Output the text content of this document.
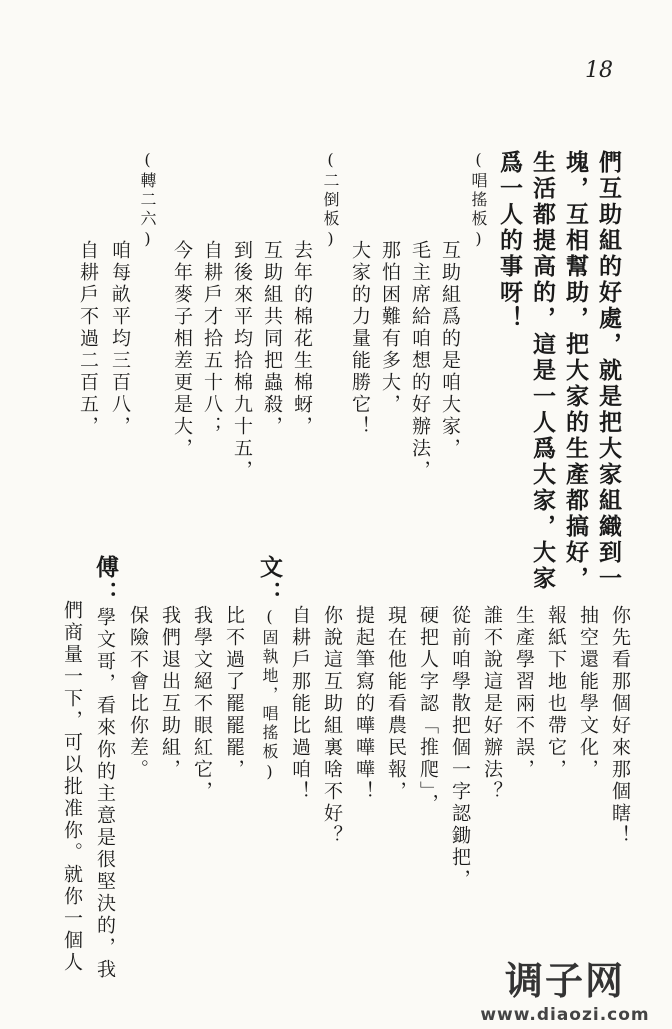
18
們互助組的好處，就是把大家組織到一
塊，互相幫助，把大家的生產都搞好，
生活都提高的，這是一人爲大家，大家
爲一人的事呀！
(唱搖板)
互助組爲的是咱大家，
毛主席給咱想的好辦法，
那怕困難有多大，
大家的力量能勝它！
(二倒板)
去年的棉花生棉蚜，
互助組共同把蟲殺，
到後來平均拾棉九十五，
自耕戶才拾五十八；
今年麥子相差更是大，
(轉二六)
咱每畝平均三百八，
自耕戶不過二百五，
你先看那個好來那個瞎！
抽空還能學文化，
報紙下地也帶它，
生產學習兩不誤，
誰不說這是好辦法？
從前咱學散把個一字認鋤把，
硬把人字認「推爬」，
現在他能看農民報，
提起筆寫的嘩嘩嘩！
你說這互助組裏啥不好？
自耕戶那能比過咱！
文：(固執地，唱搖板)
比不過了罷罷罷，
我學文絕不眼紅它，
我們退出互助組，
保險不會比你差。
傅：學文哥，看來你的主意是很堅決的，我
們商量一下，可以批准你。就你一個人
调子网
www.diaozi.com
